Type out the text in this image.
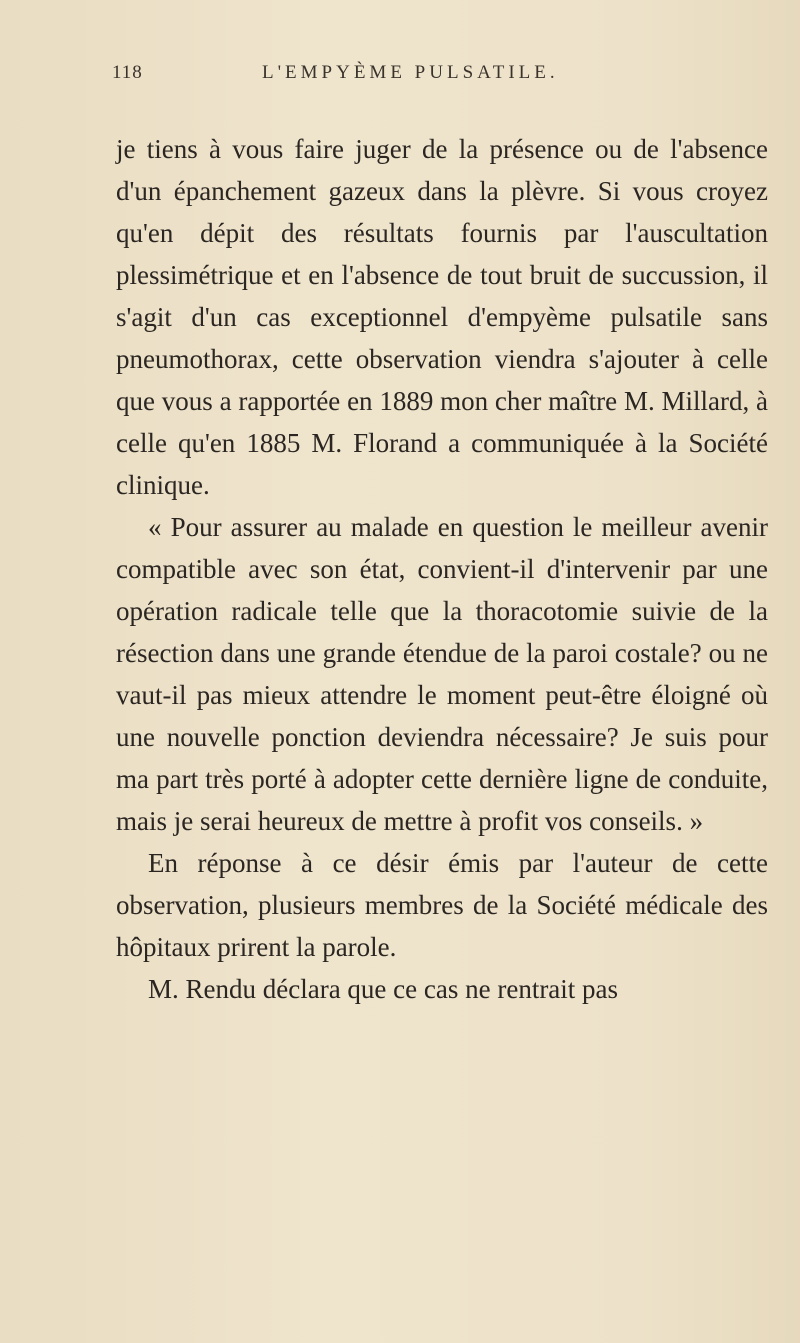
118	L'EMPYÈME PULSATILE.

je tiens à vous faire juger de la présence ou de l'absence d'un épanchement gazeux dans la plèvre. Si vous croyez qu'en dépit des résultats fournis par l'auscultation plessimétrique et en l'absence de tout bruit de succussion, il s'agit d'un cas exceptionnel d'empyème pulsatile sans pneumothorax, cette observation viendra s'ajouter à celle que vous a rapportée en 1889 mon cher maître M. Millard, à celle qu'en 1885 M. Florand a communiquée à la Société clinique.

« Pour assurer au malade en question le meilleur avenir compatible avec son état, convient-il d'intervenir par une opération radicale telle que la thoracotomie suivie de la résection dans une grande étendue de la paroi costale? ou ne vaut-il pas mieux attendre le moment peut-être éloigné où une nouvelle ponction deviendra nécessaire? Je suis pour ma part très porté à adopter cette dernière ligne de conduite, mais je serai heureux de mettre à profit vos conseils. »

En réponse à ce désir émis par l'auteur de cette observation, plusieurs membres de la Société médicale des hôpitaux prirent la parole.

M. Rendu déclara que ce cas ne rentrait pas
